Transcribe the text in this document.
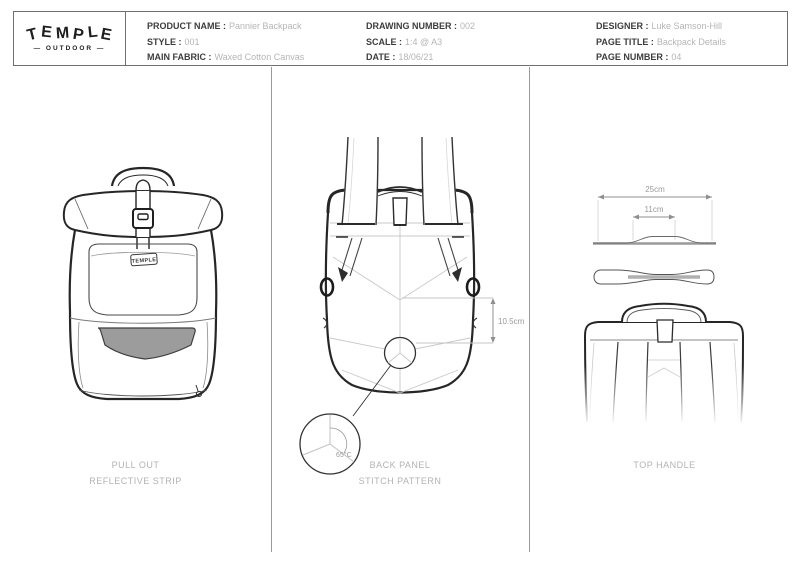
TE M P LE
— OUTDOOR —
PRODUCT NAME : Pannier Backpack
STYLE : 001
MAIN FABRIC : Waxed Cotton Canvas
DRAWING NUMBER : 002
SCALE : 1:4 @ A3
DATE : 18/06/21
DESIGNER : Luke Samson-Hill
PAGE TITLE : Backpack Details
PAGE NUMBER : 04
TEMPLE
PULL OUT
REFLECTIVE STRIP
10.5cm
65°C
BACK PANEL
STITCH PATTERN
25cm
11cm
TOP HANDLE
